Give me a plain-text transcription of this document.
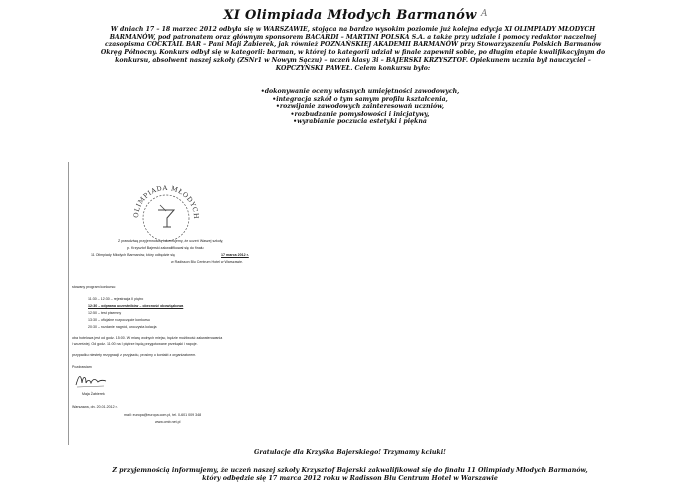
XI Olimpiada Młodych Barmanów A
W dniach 17 – 18 marzec 2012 odbyła się w WARSZAWIE, stojąca na bardzo wysokim poziomie już kolejna edycja XI OLIMPIADY MŁODYCH
BARMANÓW, pod patronatem oraz głównym sponsorem BACARDI – MARTINI POLSKA S.A. a także przy udziale i pomocy redaktor naczelnej
czasopisma COCKTAIL BAR – Pani Maji Żabierek, jak również POZNAŃSKIEJ AKADEMII BARMANÓW przy Stowarzyszeniu Polskich Barmanów
Okręg Północny. Konkurs odbył się w kategorii: barman, w której to kategorii udział w finale zapewnił sobie, po długim etapie kwalifikacyjnym do
konkursu, absolwent naszej szkoły (ZSNr1 w Nowym Sączu) – uczeń klasy 3i – BAJERSKI KRZYSZTOF. Opiekunem ucznia był nauczyciel –
KOPCZYŃSKI PAWEŁ. Celem konkursu było:
• dokonywanie oceny własnych umiejętności zawodowych,
• integracja szkół o tym samym profilu kształcenia,
• rozwijanie zawodowych zainteresowań uczniów,
• rozbudzanie pomysłowości i inicjatywy,
• wyrabianie poczucia estetyki i piękna
OLIMPIADA MŁODYCH
Z prawdziwą przyjemnością informujemy, że uczeń Waszej szkoły,
p. Krzysztof Bajerski zakwalifikował się do finału
11 Olimpiady Młodych Barmanów, który odbędzie się	17 marca 2012 r.
w Radisson Blu Centrum Hotel w Warszawie.
stowany program konkursu:
11:30 – 12:30 – rejestracja II piętro
12:30 – odprawa uczestników – obecność obowiązkowa
12:50 – test pisemny
13:30 – oficjalne rozpoczęcie konkursu
20:30 – rozdanie nagród, uroczysta kolacja
oba hotelowa jest od godz. 15:00. W miarę wolnych miejsc, będzie możliwość zakwaterowania
i wcześniej. Od godz. 11:00 na I piętrze będą przygotowane przekąski i napoje.
przypadku niestety rezygnacji z przyjazdu, prosimy o kontakt z organizatorem.
Pozdrawiam
Maja Żabierek
Warszawa, dn. 20.01.2012 r.
mail: europa@europa.com.pl, tel. 0-601 009 348
www.omb.net.pl
Gratulacje dla Krzyśka Bajerskiego! Trzymamy kciuki!
Z przyjemnością informujemy, że uczeń naszej szkoły Krzysztof Bajerski zakwalifikował się do finału 11 Olimpiady Młodych Barmanów,
który odbędzie się 17 marca 2012 roku w Radisson Blu Centrum Hotel w Warszawie
